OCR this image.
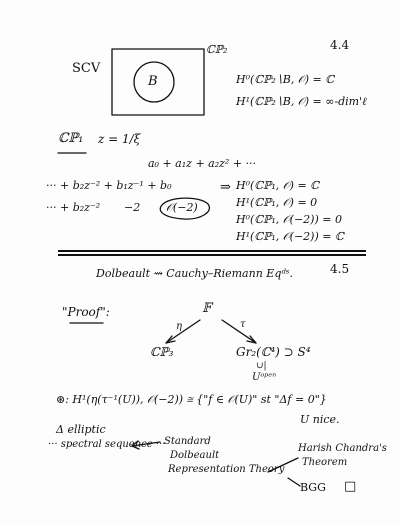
4.4
SCV
ℂℙ₂
B	H⁰(ℂℙ₂∖B, 𝒪) = ℂ
H¹(ℂℙ₂∖B, 𝒪) = ∞-dim'ℓ
ℂℙ₁ z = 1/ξ
a₀ + a₁z + a₂z² + ···
··· + b₂z⁻² + b₁z⁻¹ + b₀
··· + b₂z⁻² −2 𝒪(−2)
⇒ H⁰(ℂℙ₁, 𝒪) = ℂ
H¹(ℂℙ₁, 𝒪) = 0
H⁰(ℂℙ₁, 𝒪(−2)) = 0
H¹(ℂℙ₁, 𝒪(−2)) = ℂ
4.5
Dolbeault ⇝ Cauchy–Riemann Eqᵈˢ.
"Proof":	𝔽
η	τ
ℂℙ₃	Gr₂(ℂ⁴) ⊃ S⁴
∪|
Uᵒᵖᵉⁿ
⊛: H¹(η(τ⁻¹(U)), 𝒪(−2)) ≅ {"f ∈ 𝒪(U)" st "Δf = 0"}
U nice.
Δ elliptic
··· spectral sequence ···
Standard
Dolbeault
Representation Theory
Harish Chandra's
Theorem
BGG □
